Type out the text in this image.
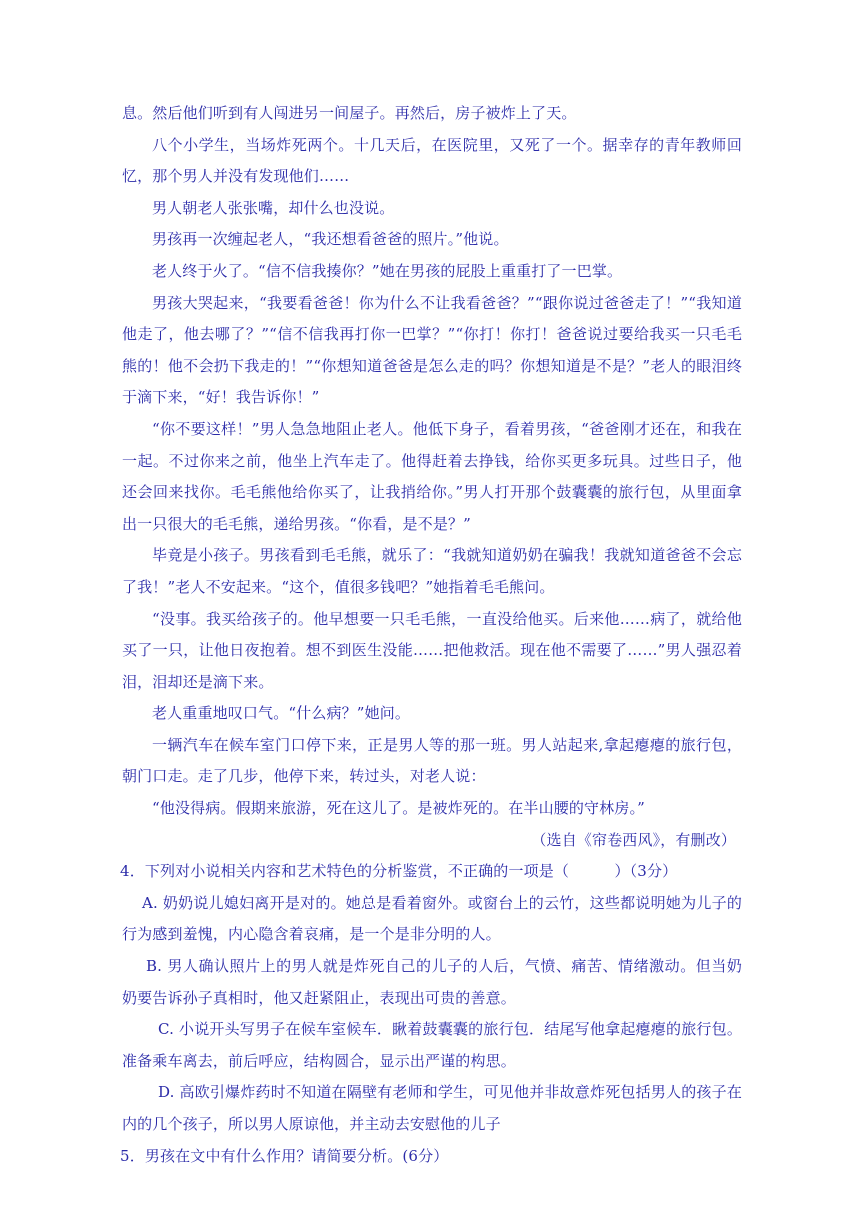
息。然后他们听到有人闯进另一间屋子。再然后，房子被炸上了天。

八个小学生，当场炸死两个。十几天后，在医院里，又死了一个。据幸存的青年教师回忆，那个男人并没有发现他们……

男人朝老人张张嘴，却什么也没说。

男孩再一次缠起老人，“我还想看爸爸的照片。”他说。

老人终于火了。“信不信我揍你？”她在男孩的屁股上重重打了一巴掌。

男孩大哭起来，“我要看爸爸！你为什么不让我看爸爸？”“跟你说过爸爸走了！”“我知道他走了，他去哪了？”“信不信我再打你一巴掌？”“你打！你打！爸爸说过要给我买一只毛毛熊的！他不会扔下我走的！”“你想知道爸爸是怎么走的吗？你想知道是不是？”老人的眼泪终于滴下来，“好！我告诉你！”

“你不要这样！”男人急急地阻止老人。他低下身子，看着男孩，“爸爸刚才还在，和我在一起。不过你来之前，他坐上汽车走了。他得赶着去挣钱，给你买更多玩具。过些日子，他还会回来找你。毛毛熊他给你买了，让我捎给你。”男人打开那个鼓囊囊的旅行包，从里面拿出一只很大的毛毛熊，递给男孩。“你看，是不是？”

毕竟是小孩子。男孩看到毛毛熊，就乐了：“我就知道奶奶在骗我！我就知道爸爸不会忘了我！”老人不安起来。“这个，值很多钱吧？”她指着毛毛熊问。

“没事。我买给孩子的。他早想要一只毛毛熊，一直没给他买。后来他……病了，就给他买了一只，让他日夜抱着。想不到医生没能……把他救活。现在他不需要了……”男人强忍着泪，泪却还是滴下来。

老人重重地叹口气。“什么病？”她问。

一辆汽车在候车室门口停下来，正是男人等的那一班。男人站起来,拿起瘪瘪的旅行包，朝门口走。走了几步，他停下来，转过头，对老人说：

“他没得病。假期来旅游，死在这儿了。是被炸死的。在半山腰的守林房。”

（选自《帘卷西风》，有删改）

4．下列对小说相关内容和艺术特色的分析鉴赏，不正确的一项是（　　　）（3分）

A. 奶奶说儿媳妇离开是对的。她总是看着窗外。或窗台上的云竹，这些都说明她为儿子的行为感到羞愧，内心隐含着哀痛，是一个是非分明的人。

B. 男人确认照片上的男人就是炸死自己的儿子的人后，气愤、痛苦、情绪激动。但当奶奶要告诉孙子真相时，他又赶紧阻止，表现出可贵的善意。

C. 小说开头写男子在候车室候车．瞅着鼓囊囊的旅行包．结尾写他拿起瘪瘪的旅行包。准备乘车离去，前后呼应，结构圆合，显示出严谨的构思。

D. 高欧引爆炸药时不知道在隔壁有老师和学生，可见他并非故意炸死包括男人的孩子在内的几个孩子，所以男人原谅他，并主动去安慰他的儿子

5．男孩在文中有什么作用？请简要分析。(6分）
